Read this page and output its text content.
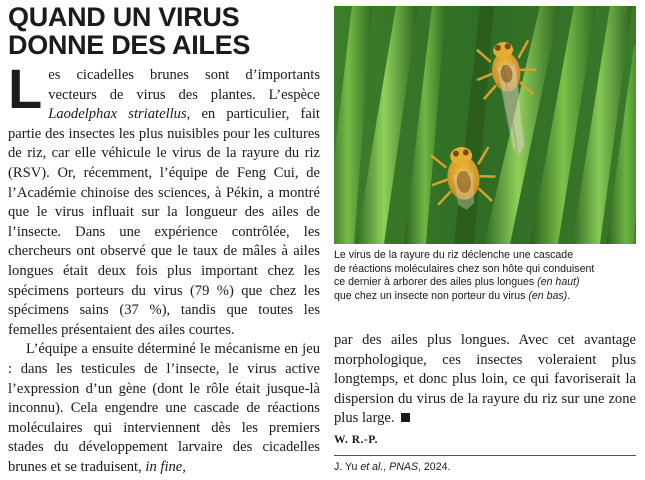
QUAND UN VIRUS
DONNE DES AILES

Les cicadelles brunes sont d’importants vecteurs de virus des plantes. L’espèce Laodelphax striatellus, en particulier, fait partie des insectes les plus nuisibles pour les cultures de riz, car elle véhicule le virus de la rayure du riz (RSV). Or, récemment, l’équipe de Feng Cui, de l’Académie chinoise des sciences, à Pékin, a montré que le virus influait sur la longueur des ailes de l’insecte. Dans une expérience contrôlée, les chercheurs ont observé que le taux de mâles à ailes longues était deux fois plus important chez les spécimens porteurs du virus (79 %) que chez les spécimens sains (37 %), tandis que toutes les femelles présentaient des ailes courtes.

L’équipe a ensuite déterminé le mécanisme en jeu : dans les testicules de l’insecte, le virus active l’expression d’un gène (dont le rôle était jusque-là inconnu). Cela engendre une cascade de réactions moléculaires qui interviennent dès les premiers stades du développement larvaire des cicadelles brunes et se traduisent, in fine,

Le virus de la rayure du riz déclenche une cascade
de réactions moléculaires chez son hôte qui conduisent
ce dernier à arborer des ailes plus longues (en haut)
que chez un insecte non porteur du virus (en bas).

par des ailes plus longues. Avec cet avantage morphologique, ces insectes voleraient plus longtemps, et donc plus loin, ce qui favoriserait la dispersion du virus de la rayure du riz sur une zone plus large.

W. R.-P.
J. Yu et al., PNAS, 2024.
